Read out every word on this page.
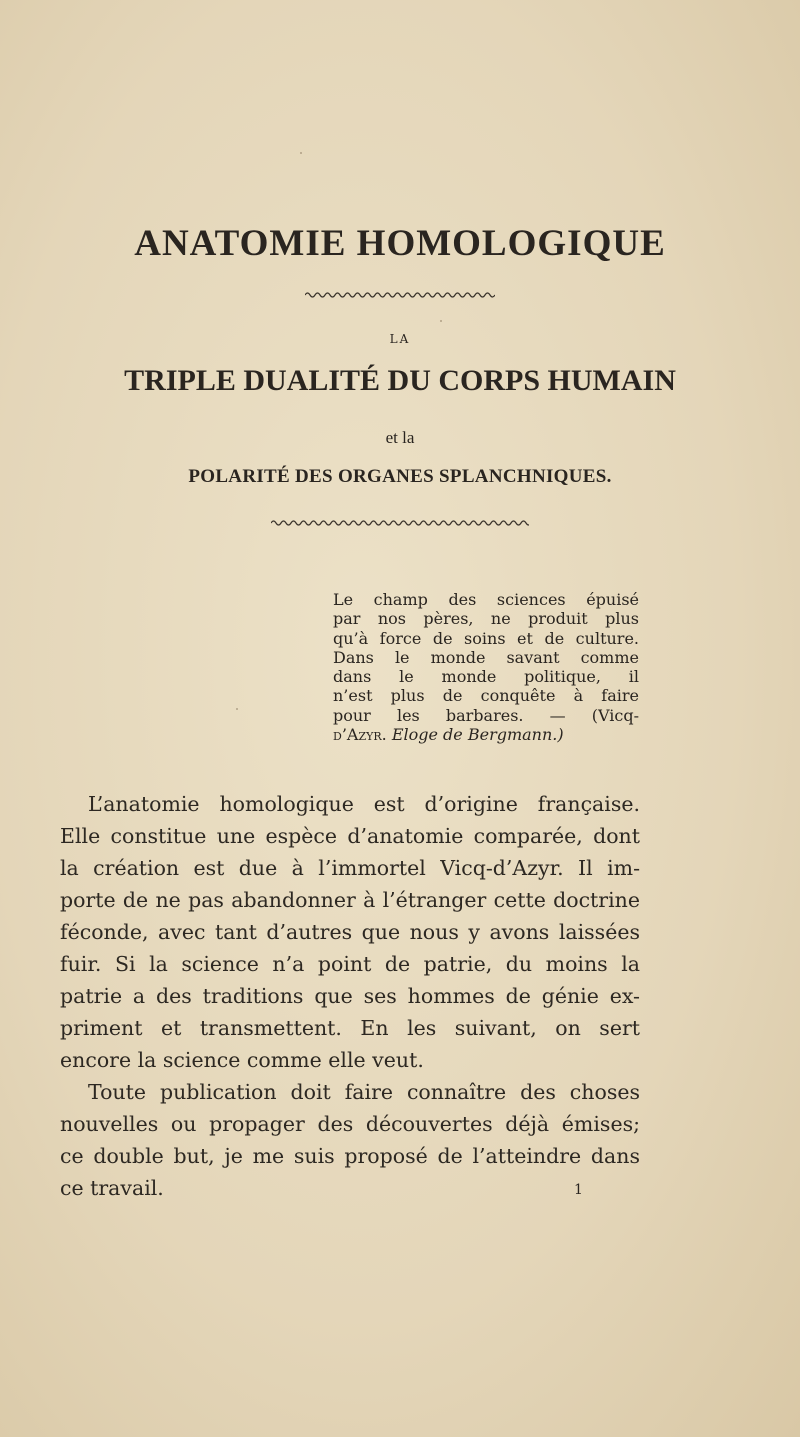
ANATOMIE HOMOLOGIQUE
LA
TRIPLE DUALITÉ DU CORPS HUMAIN
et la
POLARITÉ DES ORGANES SPLANCHNIQUES.
Le champ des sciences épuisé
par nos pères, ne produit plus
qu’à force de soins et de culture.
Dans le monde savant comme
dans le monde politique, il
n’est plus de conquête à faire
pour les barbares. — (Vicq-
d’Azyr. Eloge de Bergmann.)
L’anatomie homologique est d’origine française.
Elle constitue une espèce d’anatomie comparée, dont
la création est due à l’immortel Vicq-d’Azyr. Il im-
porte de ne pas abandonner à l’étranger cette doctrine
féconde, avec tant d’autres que nous y avons laissées
fuir. Si la science n’a point de patrie, du moins la
patrie a des traditions que ses hommes de génie ex-
priment et transmettent. En les suivant, on sert
encore la science comme elle veut.
Toute publication doit faire connaître des choses
nouvelles ou propager des découvertes déjà émises;
ce double but, je me suis proposé de l’atteindre dans
ce travail.	1
